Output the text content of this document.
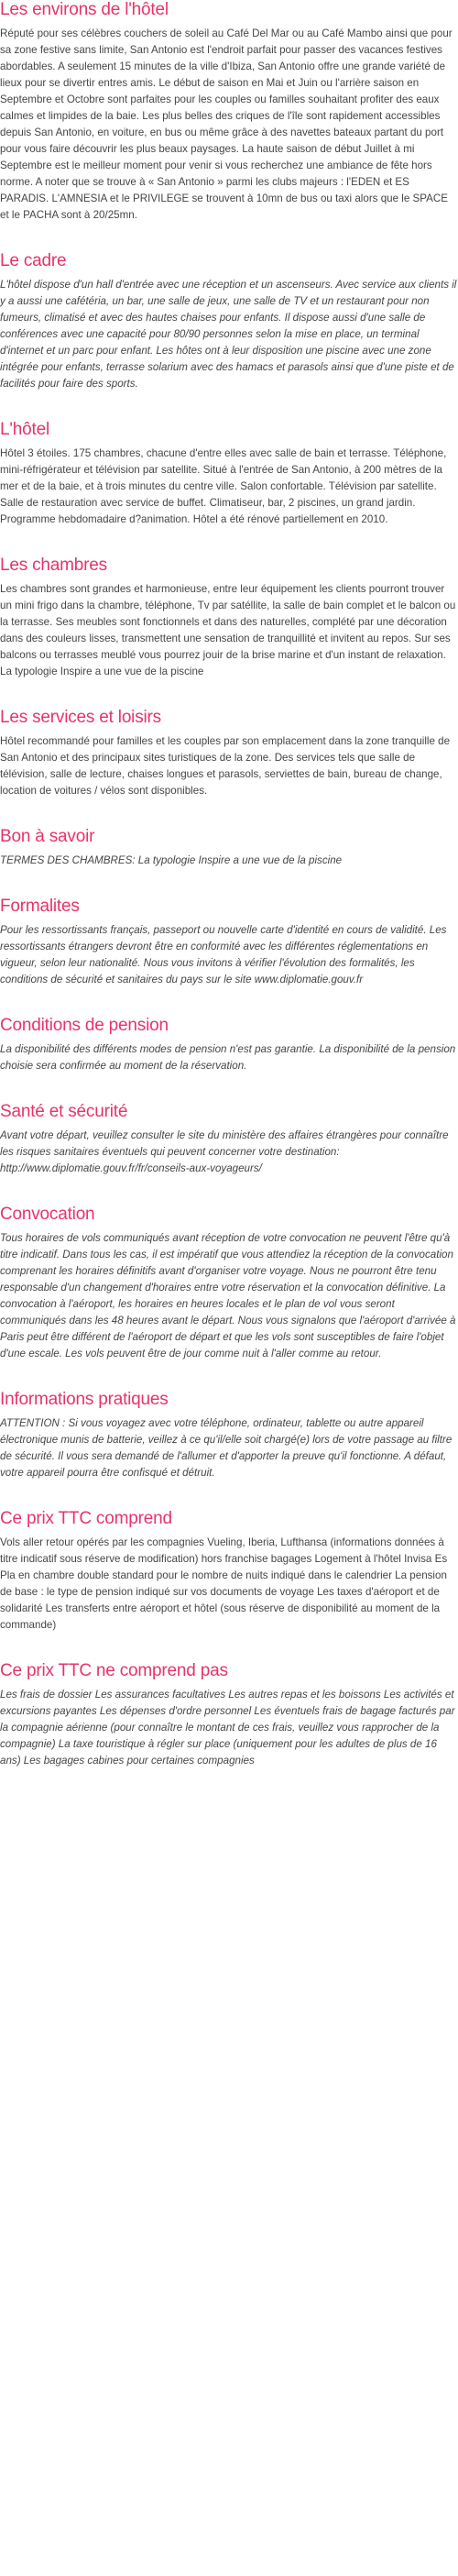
Les environs de l'hôtel

Réputé pour ses célèbres couchers de soleil au Café Del Mar ou au Café Mambo ainsi que pour sa zone festive sans limite, San Antonio est l'endroit parfait pour passer des vacances festives abordables. A seulement 15 minutes de la ville d'Ibiza, San Antonio offre une grande variété de lieux pour se divertir entres amis. Le début de saison en Mai et Juin ou l'arrière saison en Septembre et Octobre sont parfaites pour les couples ou familles souhaitant profiter des eaux calmes et limpides de la baie. Les plus belles des criques de l'île sont rapidement accessibles depuis San Antonio, en voiture, en bus ou même grâce à des navettes bateaux partant du port pour vous faire découvrir les plus beaux paysages. La haute saison de début Juillet à mi Septembre est le meilleur moment pour venir si vous recherchez une ambiance de fête hors norme. A noter que se trouve à « San Antonio » parmi les clubs majeurs : l'EDEN et ES PARADIS. L'AMNESIA et le PRIVILEGE se trouvent à 10mn de bus ou taxi alors que le SPACE et le PACHA sont à 20/25mn.

Le cadre

L'hôtel dispose d'un hall d'entrée avec une réception et un ascenseurs. Avec service aux clients il y a aussi une cafétéria, un bar, une salle de jeux, une salle de TV et un restaurant pour non fumeurs, climatisé et avec des hautes chaises pour enfants. Il dispose aussi d'une salle de conférences avec une capacité pour 80/90 personnes selon la mise en place, un terminal d'internet et un parc pour enfant. Les hôtes ont à leur disposition une piscine avec une zone intégrée pour enfants, terrasse solarium avec des hamacs et parasols ainsi que d'une piste et de facilités pour faire des sports.

L'hôtel

Hôtel 3 étoiles. 175 chambres, chacune d'entre elles avec salle de bain et terrasse. Téléphone, mini-réfrigérateur et télévision par satellite. Situé à l'entrée de San Antonio, à 200 mètres de la mer et de la baie, et à trois minutes du centre ville. Salon confortable. Télévision par satellite. Salle de restauration avec service de buffet. Climatiseur, bar, 2 piscines, un grand jardin. Programme hebdomadaire d?animation. Hôtel a été rénové partiellement en 2010.

Les chambres

Les chambres sont grandes et harmonieuse, entre leur équipement les clients pourront trouver un mini frigo dans la chambre, téléphone, Tv par satéllite, la salle de bain complet et le balcon ou la terrasse. Ses meubles sont fonctionnels et dans des naturelles, complété par une décoration dans des couleurs lisses, transmettent une sensation de tranquillité et invitent au repos. Sur ses balcons ou terrasses meublé vous pourrez jouir de la brise marine et d'un instant de relaxation. La typologie Inspire a une vue de la piscine

Les services et loisirs

Hôtel recommandé pour familles et les couples par son emplacement dans la zone tranquille de San Antonio et des principaux sites turistiques de la zone. Des services tels que salle de télévision, salle de lecture, chaises longues et parasols, serviettes de bain, bureau de change, location de voitures / vélos sont disponibles.

Bon à savoir

TERMES DES CHAMBRES: La typologie Inspire a une vue de la piscine

Formalites

Pour les ressortissants français, passeport ou nouvelle carte d'identité en cours de validité. Les ressortissants étrangers devront être en conformité avec les différentes réglementations en vigueur, selon leur nationalité. Nous vous invitons à vérifier l'évolution des formalités, les conditions de sécurité et sanitaires du pays sur le site www.diplomatie.gouv.fr

Conditions de pension

La disponibilité des différents modes de pension n'est pas garantie. La disponibilité de la pension choisie sera confirmée au moment de la réservation.

Santé et sécurité

Avant votre départ, veuillez consulter le site du ministère des affaires étrangères pour connaître les risques sanitaires éventuels qui peuvent concerner votre destination: http://www.diplomatie.gouv.fr/fr/conseils-aux-voyageurs/

Convocation

Tous horaires de vols communiqués avant réception de votre convocation ne peuvent l'être qu'à titre indicatif. Dans tous les cas, il est impératif que vous attendiez la réception de la convocation comprenant les horaires définitifs avant d'organiser votre voyage. Nous ne pourront être tenu responsable d'un changement d'horaires entre votre réservation et la convocation définitive. La convocation à l'aéroport, les horaires en heures locales et le plan de vol vous seront communiqués dans les 48 heures avant le départ. Nous vous signalons que l'aéroport d'arrivée à Paris peut être différent de l'aéroport de départ et que les vols sont susceptibles de faire l'objet d'une escale. Les vols peuvent être de jour comme nuit à l'aller comme au retour.

Informations pratiques

ATTENTION : Si vous voyagez avec votre téléphone, ordinateur, tablette ou autre appareil électronique munis de batterie, veillez à ce qu'il/elle soit chargé(e) lors de votre passage au filtre de sécurité. Il vous sera demandé de l'allumer et d'apporter la preuve qu'il fonctionne. A défaut, votre appareil pourra être confisqué et détruit.

Ce prix TTC comprend

Vols aller retour opérés par les compagnies Vueling, Iberia, Lufthansa (informations données à titre indicatif sous réserve de modification) hors franchise bagages Logement à l'hôtel Invisa Es Pla en chambre double standard pour le nombre de nuits indiqué dans le calendrier La pension de base : le type de pension indiqué sur vos documents de voyage Les taxes d'aéroport et de solidarité Les transferts entre aéroport et hôtel (sous réserve de disponibilité au moment de la commande)

Ce prix TTC ne comprend pas

Les frais de dossier Les assurances facultatives Les autres repas et les boissons Les activités et excursions payantes Les dépenses d'ordre personnel Les éventuels frais de bagage facturés par la compagnie aérienne (pour connaître le montant de ces frais, veuillez vous rapprocher de la compagnie) La taxe touristique à régler sur place (uniquement pour les adultes de plus de 16 ans) Les bagages cabines pour certaines compagnies
